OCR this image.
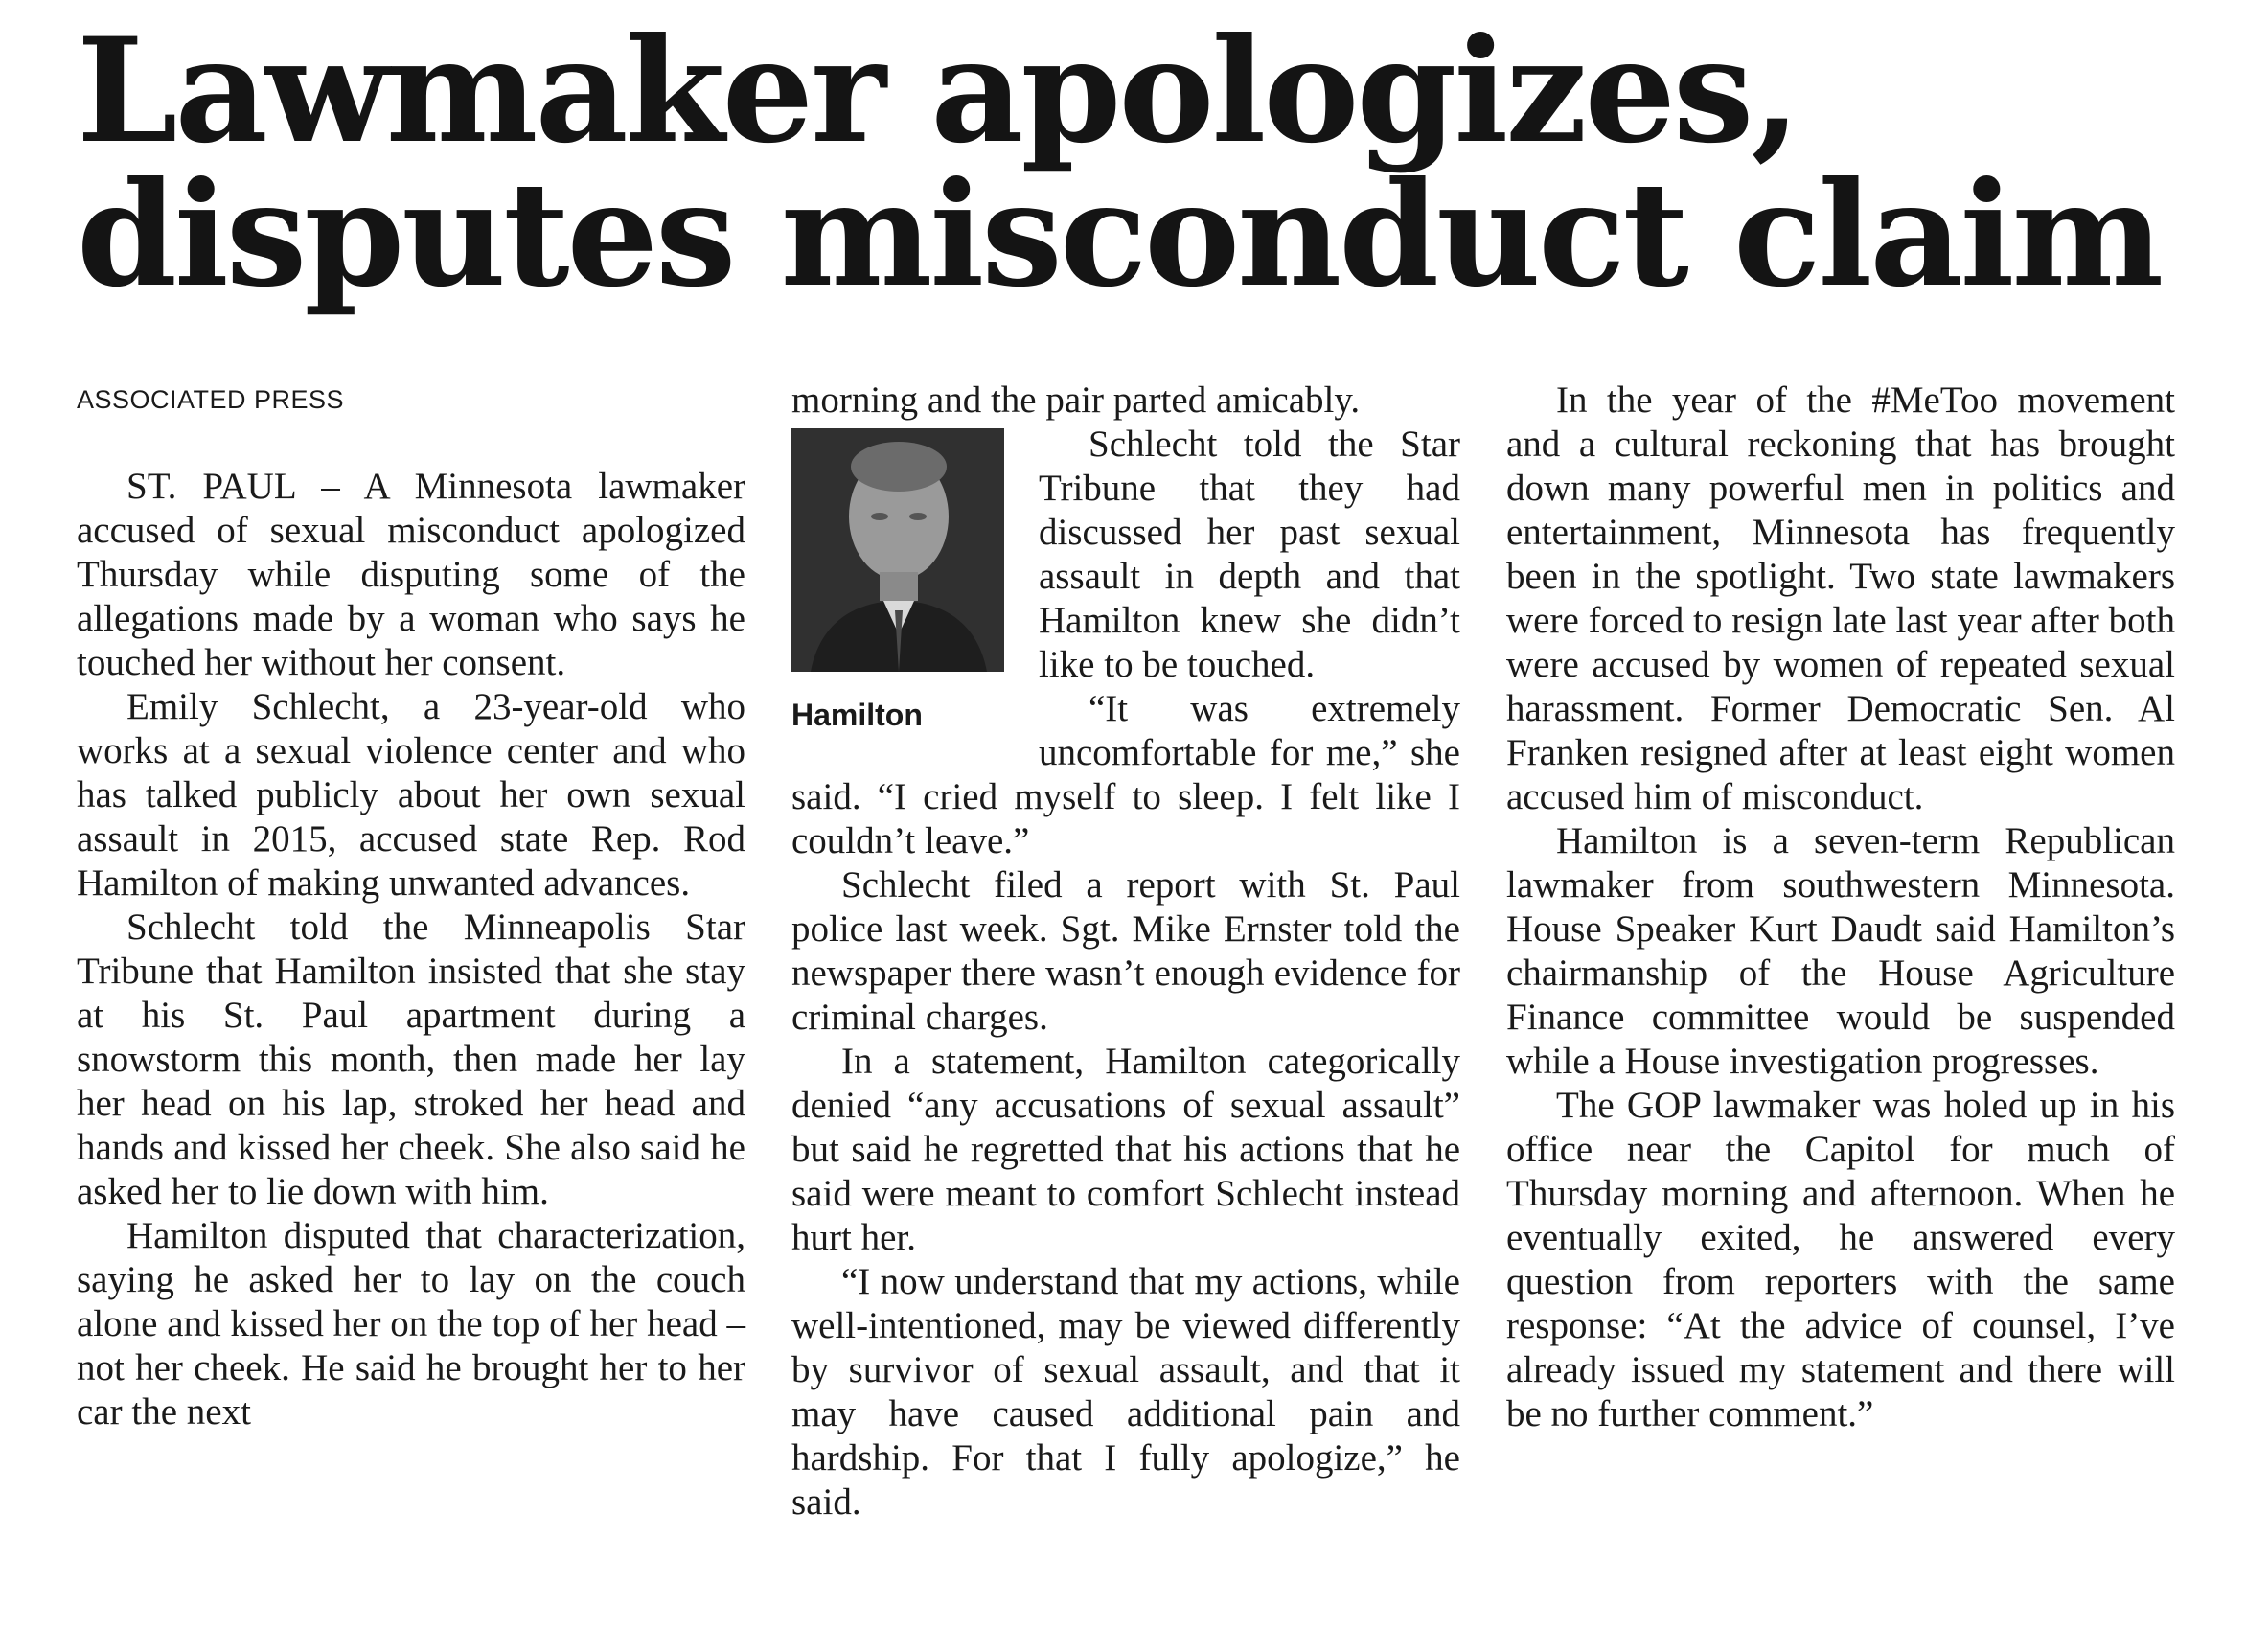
Lawmaker apologizes, disputes misconduct claim
ASSOCIATED PRESS

ST. PAUL – A Minnesota lawmaker accused of sexual misconduct apologized Thursday while disputing some of the allegations made by a woman who says he touched her without her consent.

Emily Schlecht, a 23-year-old who works at a sexual violence center and who has talked publicly about her own sexual assault in 2015, accused state Rep. Rod Hamilton of making unwanted advances.

Schlecht told the Minneapolis Star Tribune that Hamilton insisted that she stay at his St. Paul apartment during a snowstorm this month, then made her lay her head on his lap, stroked her head and hands and kissed her cheek. She also said he asked her to lie down with him.

Hamilton disputed that characterization, saying he asked her to lay on the couch alone and kissed her on the top of her head – not her cheek. He said he brought her to her car the next

morning and the pair parted amicably.

Hamilton

Schlecht told the Star Tribune that they had discussed her past sexual assault in depth and that Hamilton knew she didn’t like to be touched.

“It was extremely uncomfortable for me,” she said. “I cried myself to sleep. I felt like I couldn’t leave.”

Schlecht filed a report with St. Paul police last week. Sgt. Mike Ernster told the newspaper there wasn’t enough evidence for criminal charges.

In a statement, Hamilton categorically denied “any accusations of sexual assault” but said he regretted that his actions that he said were meant to comfort Schlecht instead hurt her.

“I now understand that my actions, while well-intentioned, may be viewed differently by survivor of sexual assault, and that it may have caused additional pain and hardship. For that I fully apologize,” he said.

In the year of the #MeToo movement and a cultural reckoning that has brought down many powerful men in politics and entertainment, Minnesota has frequently been in the spotlight. Two state lawmakers were forced to resign late last year after both were accused by women of repeated sexual harassment. Former Democratic Sen. Al Franken resigned after at least eight women accused him of misconduct.

Hamilton is a seven-term Republican lawmaker from southwestern Minnesota. House Speaker Kurt Daudt said Hamilton’s chairmanship of the House Agriculture Finance committee would be suspended while a House investigation progresses.

The GOP lawmaker was holed up in his office near the Capitol for much of Thursday morning and afternoon. When he eventually exited, he answered every question from reporters with the same response: “At the advice of counsel, I’ve already issued my statement and there will be no further comment.”
